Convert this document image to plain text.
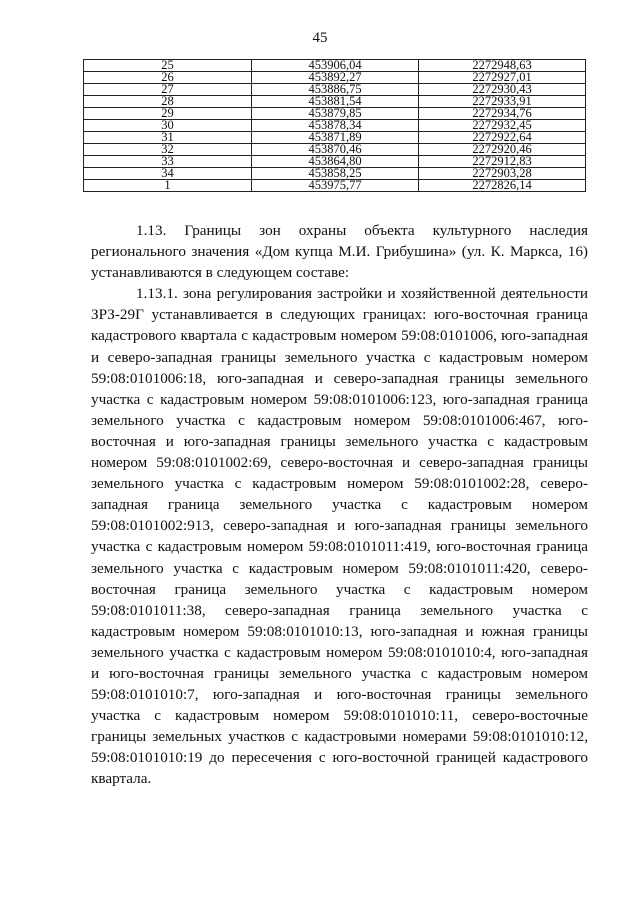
45
25	453906,04	2272948,63
26	453892,27	2272927,01
27	453886,75	2272930,43
28	453881,54	2272933,91
29	453879,85	2272934,76
30	453878,34	2272932,45
31	453871,89	2272922,64
32	453870,46	2272920,46
33	453864,80	2272912,83
34	453858,25	2272903,28
1	453975,77	2272826,14

1.13. Границы зон охраны объекта культурного наследия регионального значения «Дом купца М.И. Грибушина» (ул. К. Маркса, 16) устанавливаются в следующем составе:

1.13.1. зона регулирования застройки и хозяйственной деятельности ЗРЗ-29Г устанавливается в следующих границах: юго-восточная граница кадастрового квартала с кадастровым номером 59:08:0101006, юго-западная и северо-западная границы земельного участка с кадастровым номером 59:08:0101006:18, юго-западная и северо-западная границы земельного участка с кадастровым номером 59:08:0101006:123, юго-западная граница земельного участка с кадастровым номером 59:08:0101006:467, юго-восточная и юго-западная границы земельного участка с кадастровым номером 59:08:0101002:69, северо-восточная и северо-западная границы земельного участка с кадастровым номером 59:08:0101002:28, северо-западная граница земельного участка с кадастровым номером 59:08:0101002:913, северо-западная и юго-западная границы земельного участка с кадастровым номером 59:08:0101011:419, юго-восточная граница земельного участка с кадастровым номером 59:08:0101011:420, северо-восточная граница земельного участка с кадастровым номером 59:08:0101011:38, северо-западная граница земельного участка с кадастровым номером 59:08:0101010:13, юго-западная и южная границы земельного участка с кадастровым номером 59:08:0101010:4, юго-западная и юго-восточная границы земельного участка с кадастровым номером 59:08:0101010:7, юго-западная и юго-восточная границы земельного участка с кадастровым номером 59:08:0101010:11, северо-восточные границы земельных участков с кадастровыми номерами 59:08:0101010:12, 59:08:0101010:19 до пересечения с юго-восточной границей кадастрового квартала.
